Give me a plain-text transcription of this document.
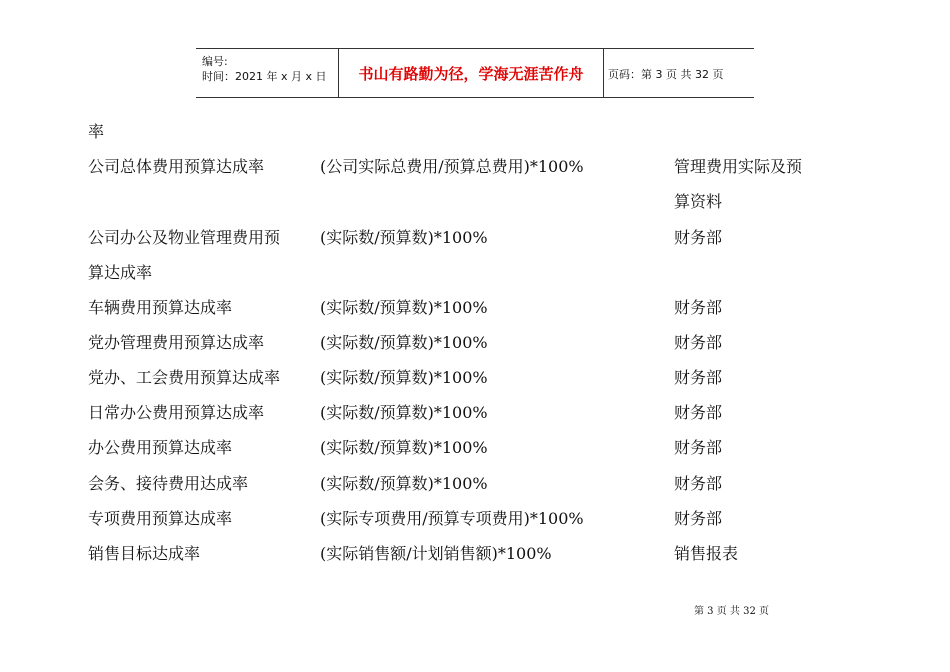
编号:
时间：2021 年 x 月 x 日	书山有路勤为径，学海无涯苦作舟	页码：第 3 页 共 32 页
率
公司总体费用预算达成率	(公司实际总费用/预算总费用)*100%	管理费用实际及预
算资料
公司办公及物业管理费用预
算达成率
(实际数/预算数)*100%	财务部
车辆费用预算达成率	(实际数/预算数)*100%	财务部
党办管理费用预算达成率	(实际数/预算数)*100%	财务部
党办、工会费用预算达成率 (实际数/预算数)*100%	财务部
日常办公费用预算达成率	(实际数/预算数)*100%	财务部
办公费用预算达成率	(实际数/预算数)*100%	财务部
会务、接待费用达成率	(实际数/预算数)*100%	财务部
专项费用预算达成率	(实际专项费用/预算专项费用)*100%	财务部
销售目标达成率	(实际销售额/计划销售额)*100%	销售报表
第 3 页 共 32 页
